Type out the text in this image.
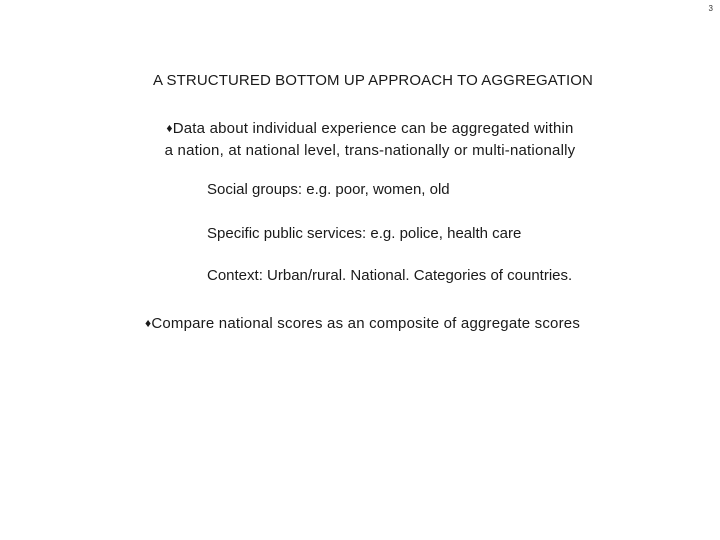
3
A STRUCTURED BOTTOM UP APPROACH TO AGGREGATION
♦Data about individual experience can be aggregated within
a nation, at national level, trans-nationally or multi-nationally
Social groups: e.g. poor, women, old
Specific public services: e.g. police, health care
Context: Urban/rural. National. Categories of countries.
♦Compare national scores as an composite of aggregate scores
